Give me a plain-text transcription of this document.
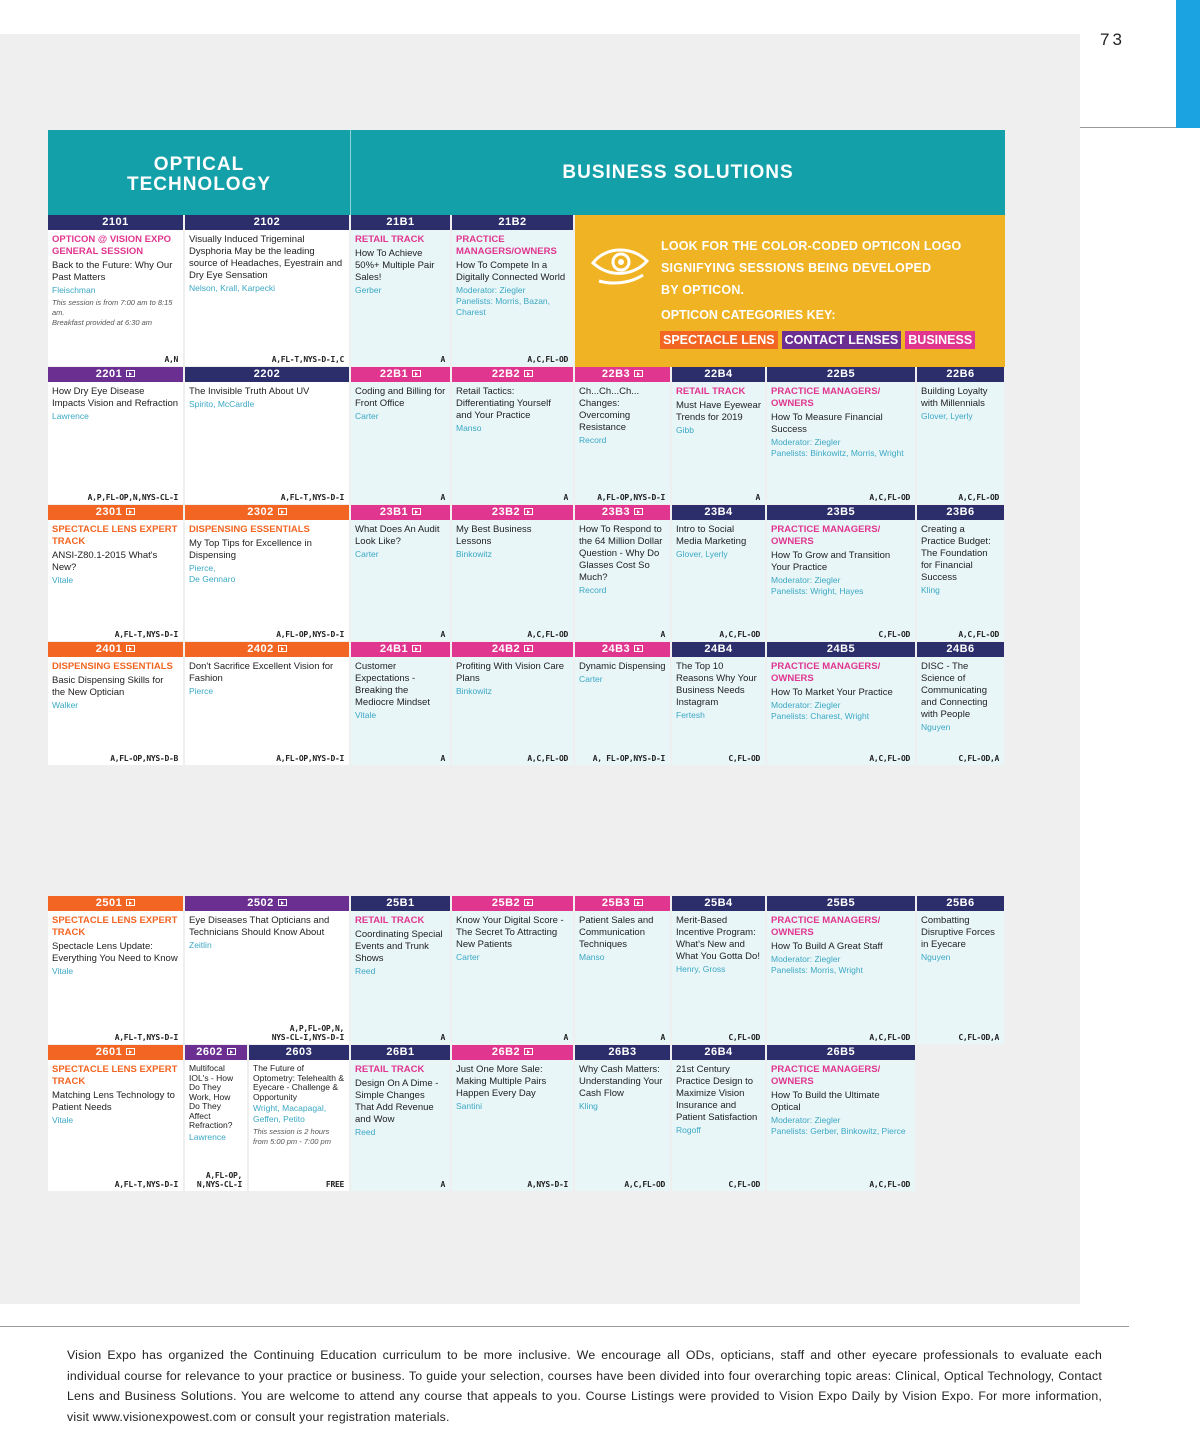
73
OPTICAL
TECHNOLOGY
BUSINESS SOLUTIONS
LOOK FOR THE COLOR-CODED OPTICON LOGO
SIGNIFYING SESSIONS BEING DEVELOPED
BY OPTICON.
OPTICON CATEGORIES KEY:
SPECTACLE LENS CONTACT LENSES BUSINESS
2101
OPTICON @ VISION EXPO GENERAL SESSION
Back to the Future: Why Our Past Matters
Fleischman
This session is from 7:00 am to 8:15 am.
Breakfast provided at 6:30 am
A,N
2102
Visually Induced Trigeminal Dysphoria May be the leading source of Headaches, Eyestrain and Dry Eye Sensation
Nelson, Krall, Karpecki
A,FL-T,NYS-D-I,C
21B1
RETAIL TRACK
How To Achieve 50%+ Multiple Pair Sales!
Gerber
A
21B2
PRACTICE MANAGERS/OWNERS
How To Compete In a Digitally Connected World
Moderator: Ziegler
Panelists: Morris, Bazan, Charest
A,C,FL-OD
2201
How Dry Eye Disease Impacts Vision and Refraction
Lawrence
A,P,FL-OP,N,NYS-CL-I
2202
The Invisible Truth About UV
Spirito, McCardle
A,FL-T,NYS-D-I
22B1
Coding and Billing for Front Office
Carter
A
22B2
Retail Tactics: Differentiating Yourself and Your Practice
Manso
A
22B3
Ch...Ch...Ch... Changes: Overcoming Resistance
Record
A,FL-OP,NYS-D-I
22B4
RETAIL TRACK
Must Have Eyewear Trends for 2019
Gibb
A
22B5
PRACTICE MANAGERS/ OWNERS
How To Measure Financial Success
Moderator: Ziegler
Panelists: Binkowitz, Morris, Wright
A,C,FL-OD
22B6
Building Loyalty with Millennials
Glover, Lyerly
A,C,FL-OD
2301
SPECTACLE LENS EXPERT TRACK
ANSI-Z80.1-2015 What's New?
Vitale
A,FL-T,NYS-D-I
2302
DISPENSING ESSENTIALS
My Top Tips for Excellence in Dispensing
Pierce,
De Gennaro
A,FL-OP,NYS-D-I
23B1
What Does An Audit Look Like?
Carter
A
23B2
My Best Business Lessons
Binkowitz
A,C,FL-OD
23B3
How To Respond to the 64 Million Dollar Question - Why Do Glasses Cost So Much?
Record
A
23B4
Intro to Social Media Marketing
Glover, Lyerly
A,C,FL-OD
23B5
PRACTICE MANAGERS/ OWNERS
How To Grow and Transition Your Practice
Moderator: Ziegler
Panelists: Wright, Hayes
C,FL-OD
23B6
Creating a Practice Budget: The Foundation for Financial Success
Kling
A,C,FL-OD
2401
DISPENSING ESSENTIALS
Basic Dispensing Skills for the New Optician
Walker
A,FL-OP,NYS-D-B
2402
Don't Sacrifice Excellent Vision for Fashion
Pierce
A,FL-OP,NYS-D-I
24B1
Customer Expectations - Breaking the Mediocre Mindset
Vitale
A
24B2
Profiting With Vision Care Plans
Binkowitz
A,C,FL-OD
24B3
Dynamic Dispensing
Carter
A, FL-OP,NYS-D-I
24B4
The Top 10 Reasons Why Your Business Needs Instagram
Fertesh
C,FL-OD
24B5
PRACTICE MANAGERS/ OWNERS
How To Market Your Practice
Moderator: Ziegler
Panelists: Charest, Wright
A,C,FL-OD
24B6
DISC - The Science of Communicating and Connecting with People
Nguyen
C,FL-OD,A
2501
SPECTACLE LENS EXPERT TRACK
Spectacle Lens Update: Everything You Need to Know
Vitale
A,FL-T,NYS-D-I
2502
Eye Diseases That Opticians and Technicians Should Know About
Zeitlin
A,P,FL-OP,N,
NYS-CL-I,NYS-D-I
25B1
RETAIL TRACK
Coordinating Special Events and Trunk Shows
Reed
A
25B2
Know Your Digital Score -The Secret To Attracting New Patients
Carter
A
25B3
Patient Sales and Communication Techniques
Manso
A
25B4
Merit-Based Incentive Program: What's New and What You Gotta Do!
Henry, Gross
C,FL-OD
25B5
PRACTICE MANAGERS/ OWNERS
How To Build A Great Staff
Moderator: Ziegler
Panelists: Morris, Wright
A,C,FL-OD
25B6
Combatting Disruptive Forces in Eyecare
Nguyen
C,FL-OD,A
2601
SPECTACLE LENS EXPERT TRACK
Matching Lens Technology to Patient Needs
Vitale
A,FL-T,NYS-D-I
2602
Multifocal IOL's - How Do They Work, How Do They Affect Refraction?
Lawrence
A,FL-OP,
N,NYS-CL-I
2603
The Future of Optometry: Telehealth & Eyecare - Challenge & Opportunity
Wright, Macapagal, Geffen, Petito
This session is 2 hours
from 5:00 pm - 7:00 pm
FREE
26B1
RETAIL TRACK
Design On A Dime - Simple Changes That Add Revenue and Wow
Reed
A
26B2
Just One More Sale: Making Multiple Pairs Happen Every Day
Santini
A,NYS-D-I
26B3
Why Cash Matters: Understanding Your Cash Flow
Kling
A,C,FL-OD
26B4
21st Century Practice Design to Maximize Vision Insurance and Patient Satisfaction
Rogoff
C,FL-OD
26B5
PRACTICE MANAGERS/ OWNERS
How To Build the Ultimate Optical
Moderator: Ziegler
Panelists: Gerber, Binkowitz, Pierce
A,C,FL-OD
Vision Expo has organized the Continuing Education curriculum to be more inclusive. We encourage all ODs, opticians, staff and other eyecare professionals to evaluate each individual course for relevance to your practice or business. To guide your selection, courses have been divided into four overarching topic areas: Clinical, Optical Technology, Contact Lens and Business Solutions. You are welcome to attend any course that appeals to you. Course Listings were provided to Vision Expo Daily by Vision Expo. For more information, visit www.visionexpowest.com or consult your registration materials.
